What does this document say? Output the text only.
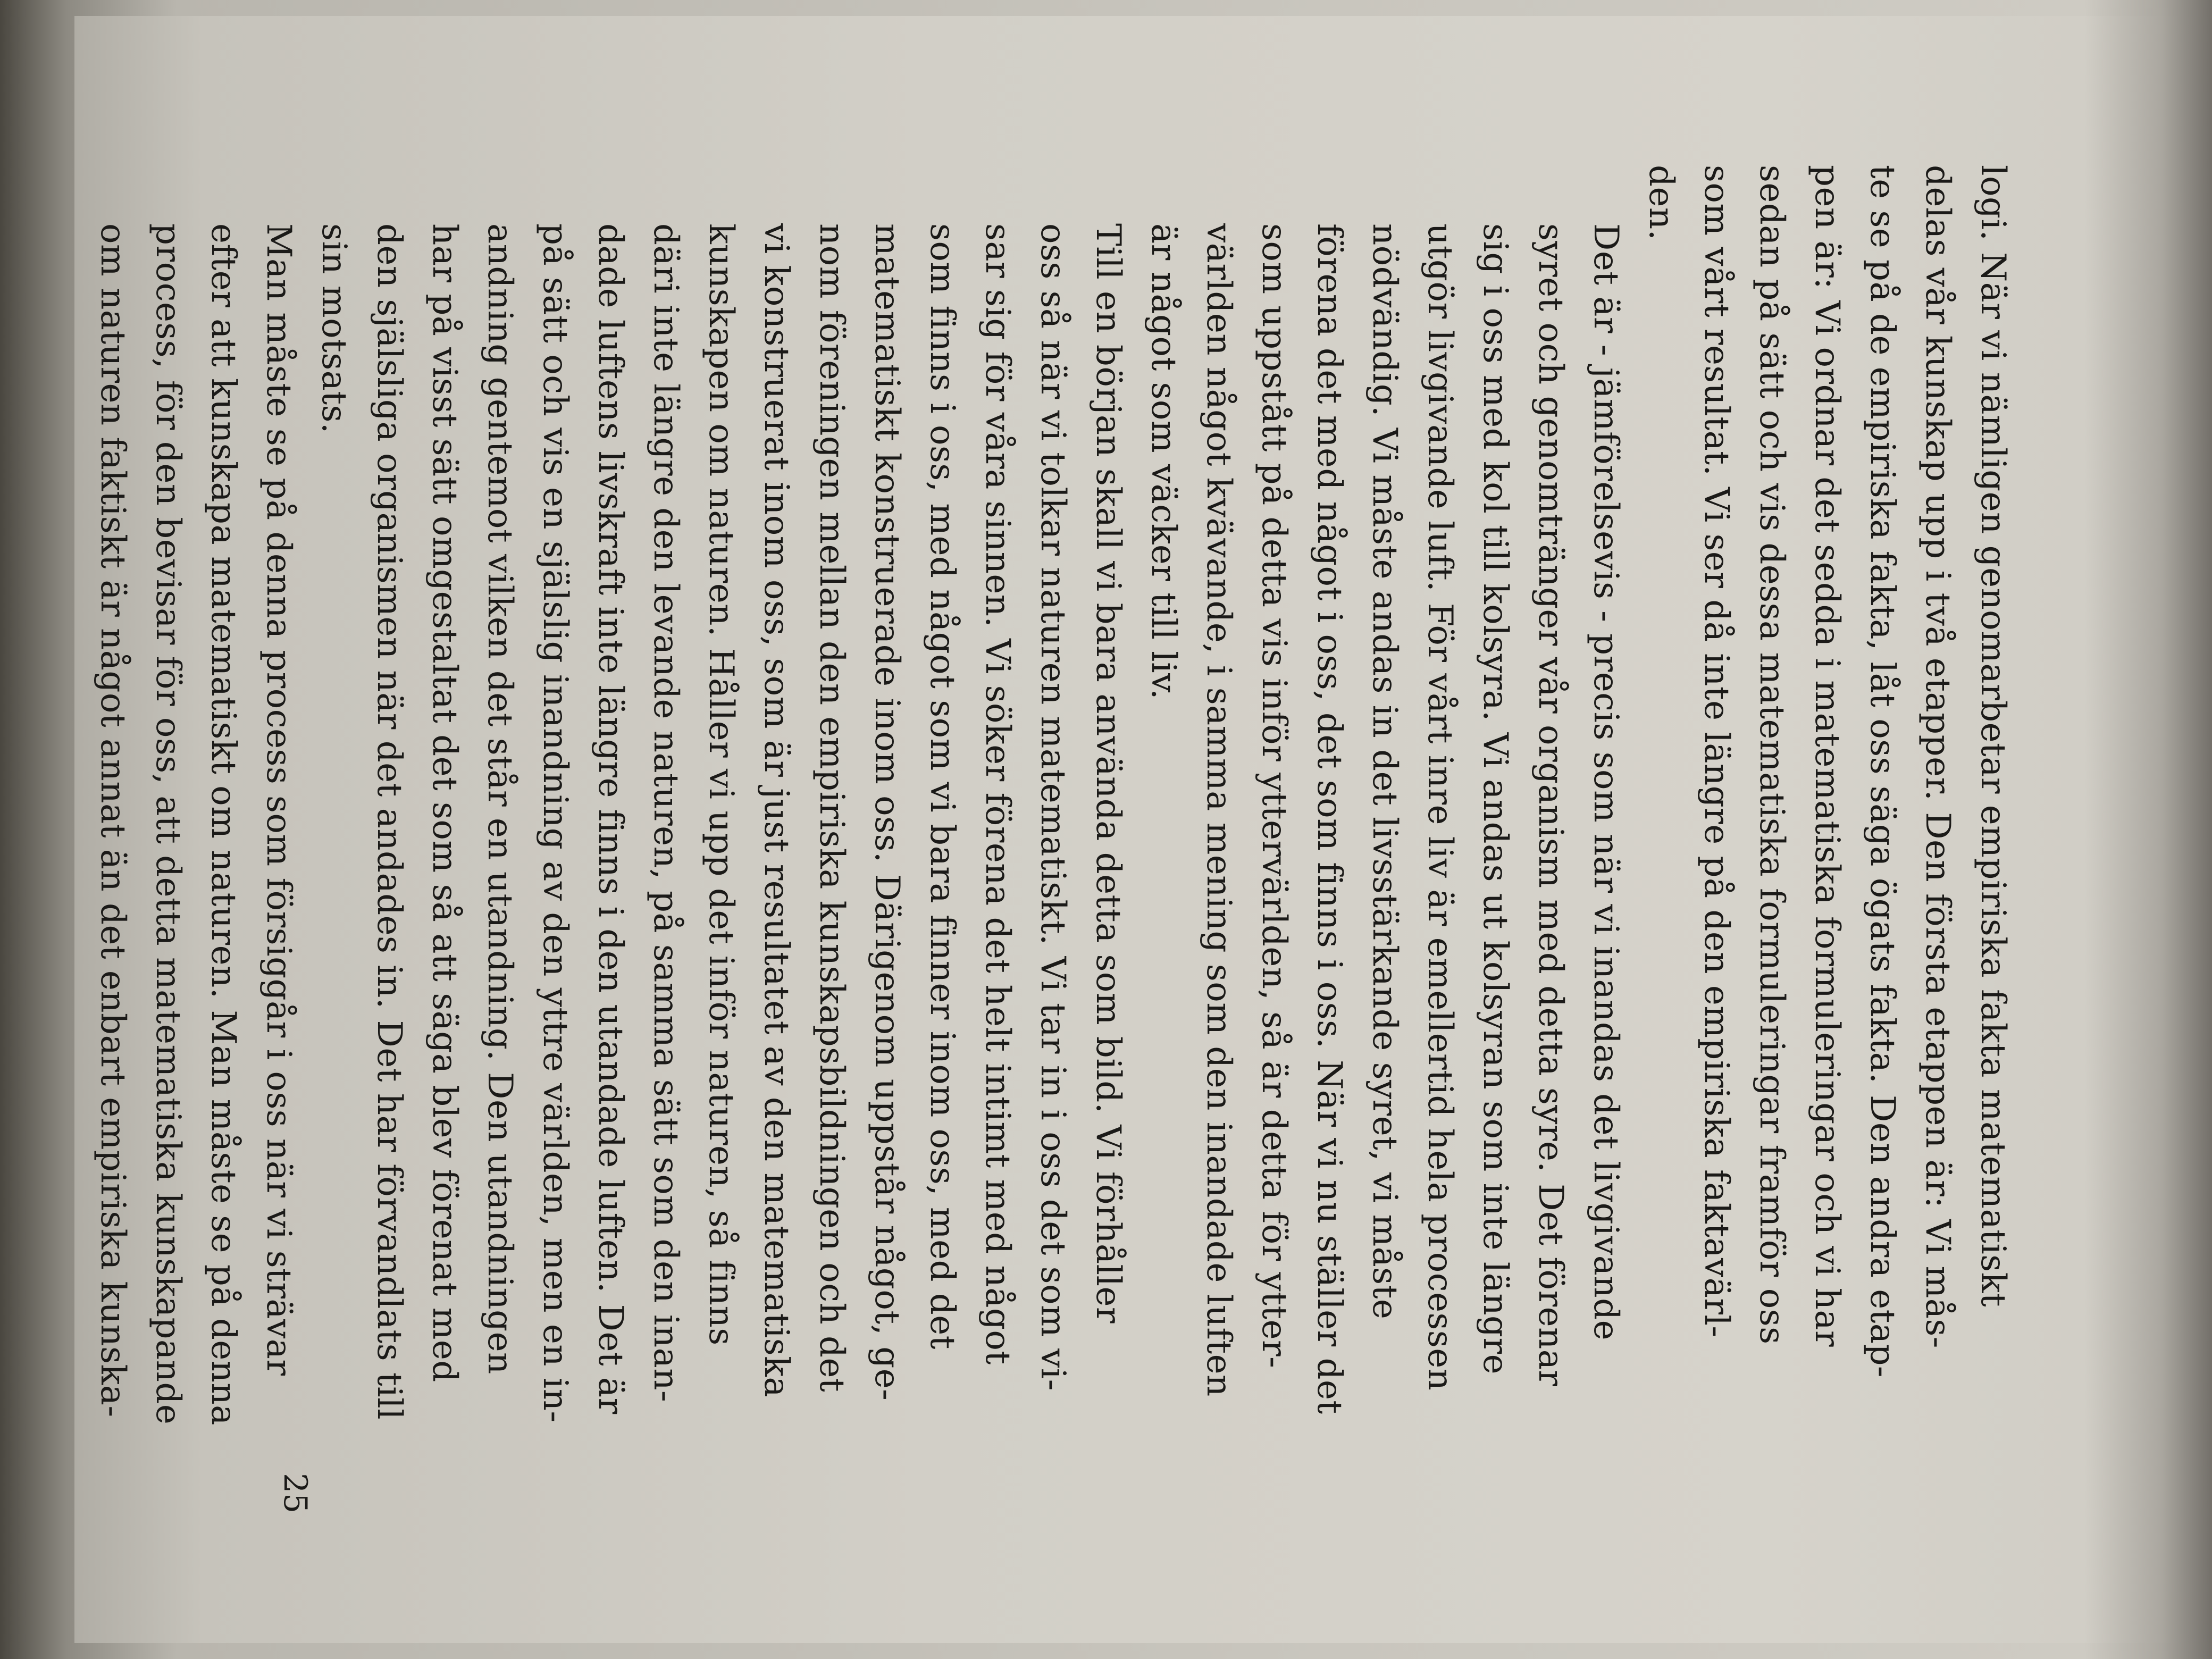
logi. När vi nämligen genomarbetar empiriska fakta matematiskt
delas vår kunskap upp i två etapper. Den första etappen är: Vi mås-
te se på de empiriska fakta, låt oss säga ögats fakta. Den andra etap-
pen är: Vi ordnar det sedda i matematiska formuleringar och vi har
sedan på sätt och vis dessa matematiska formuleringar framför oss
som vårt resultat. Vi ser då inte längre på den empiriska faktavärl-
den.

Det är - jämförelsevis - precis som när vi inandas det livgivande
syret och genomtränger vår organism med detta syre. Det förenar
sig i oss med kol till kolsyra. Vi andas ut kolsyran som inte längre
utgör livgivande luft. För vårt inre liv är emellertid hela processen
nödvändig. Vi måste andas in det livsstärkande syret, vi måste
förena det med något i oss, det som finns i oss. När vi nu ställer det
som uppstått på detta vis inför yttervärlden, så är detta för ytter-
världen något kvävande, i samma mening som den inandade luften
är något som väcker till liv.

Till en början skall vi bara använda detta som bild. Vi förhåller
oss så när vi tolkar naturen matematiskt. Vi tar in i oss det som vi-
sar sig för våra sinnen. Vi söker förena det helt intimt med något
som finns i oss, med något som vi bara finner inom oss, med det
matematiskt konstruerade inom oss. Därigenom uppstår något, ge-
nom föreningen mellan den empiriska kunskapsbildningen och det
vi konstruerat inom oss, som är just resultatet av den matematiska
kunskapen om naturen. Håller vi upp det inför naturen, så finns
däri inte längre den levande naturen, på samma sätt som den inan-
dade luftens livskraft inte längre finns i den utandade luften. Det är
på sätt och vis en själslig inandning av den yttre världen, men en in-
andning gentemot vilken det står en utandning. Den utandningen
har på visst sätt omgestaltat det som så att säga blev förenat med
den själsliga organismen när det andades in. Det har förvandlats till
sin motsats.

Man måste se på denna process som försiggår i oss när vi strävar
efter att kunskapa matematiskt om naturen. Man måste se på denna
process, för den bevisar för oss, att detta matematiska kunskapande
om naturen faktiskt är något annat än det enbart empiriska kunska-

25
